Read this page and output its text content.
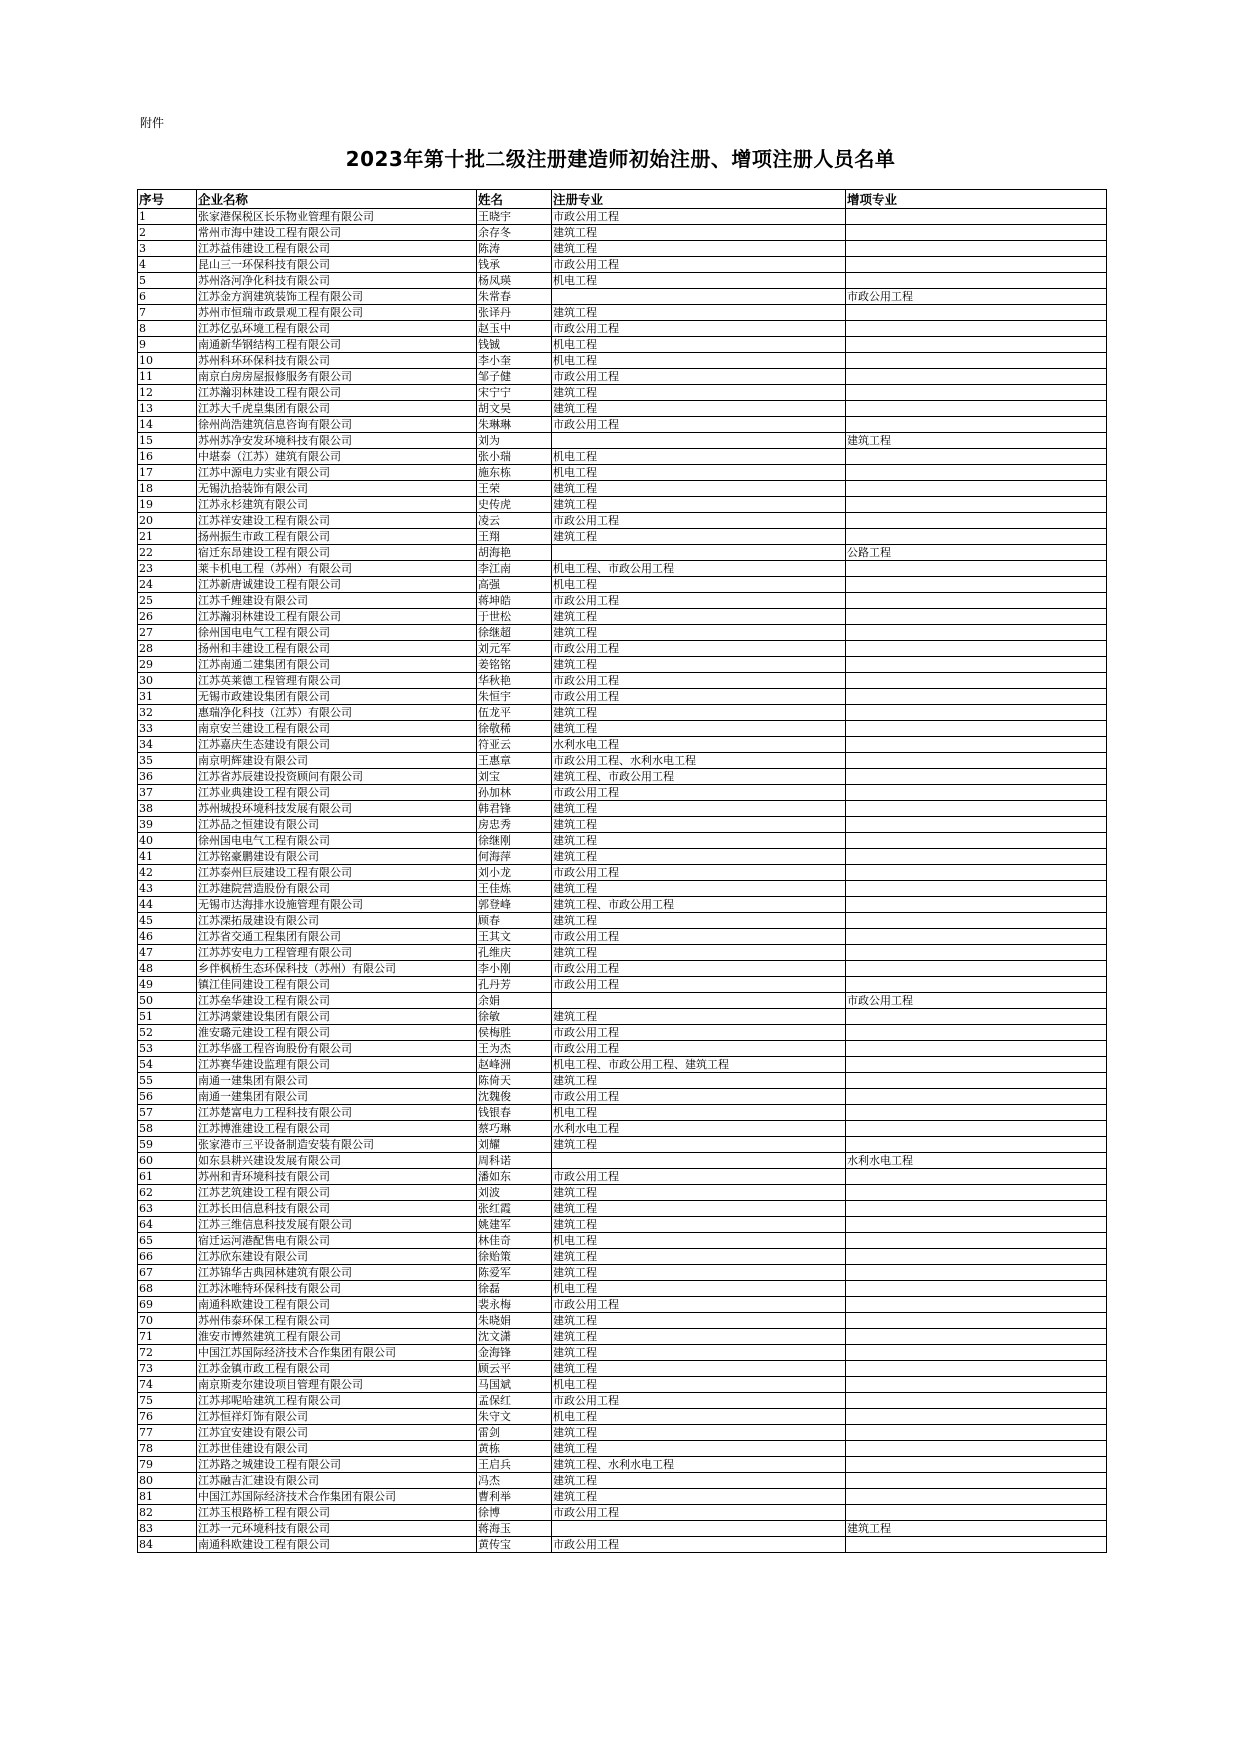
附件
2023年第十批二级注册建造师初始注册、增项注册人员名单
序号	企业名称	姓名	注册专业	增项专业
1	张家港保税区长乐物业管理有限公司	王晓宇	市政公用工程	
2	常州市海中建设工程有限公司	余存冬	建筑工程	
3	江苏益伟建设工程有限公司	陈涛	建筑工程	
4	昆山三一环保科技有限公司	钱承	市政公用工程	
5	苏州洛河净化科技有限公司	杨凤瑛	机电工程	
6	江苏金方润建筑装饰工程有限公司	朱常春		市政公用工程
7	苏州市恒瑞市政景观工程有限公司	张译丹	建筑工程	
8	江苏亿弘环境工程有限公司	赵玉中	市政公用工程	
9	南通新华钢结构工程有限公司	钱铖	机电工程	
10	苏州科环环保科技有限公司	李小奎	机电工程	
11	南京白房房屋报修服务有限公司	邹子健	市政公用工程	
12	江苏瀚羽林建设工程有限公司	宋宁宁	建筑工程	
13	江苏大千虎皇集团有限公司	胡文昊	建筑工程	
14	徐州尚浩建筑信息咨询有限公司	朱琳琳	市政公用工程	
15	苏州苏净安发环境科技有限公司	刘为		建筑工程
16	中堪泰（江苏）建筑有限公司	张小瑞	机电工程	
17	江苏中源电力实业有限公司	施东栋	机电工程	
18	无锡氿拾装饰有限公司	王荣	建筑工程	
19	江苏永杉建筑有限公司	史传虎	建筑工程	
20	江苏祥安建设工程有限公司	凌云	市政公用工程	
21	扬州振生市政工程有限公司	王翔	建筑工程	
22	宿迁东昂建设工程有限公司	胡海艳		公路工程
23	莱卡机电工程（苏州）有限公司	李江南	机电工程、市政公用工程	
24	江苏新唐诚建设工程有限公司	高强	机电工程	
25	江苏千鲤建设有限公司	蒋坤皓	市政公用工程	
26	江苏瀚羽林建设工程有限公司	于世松	建筑工程	
27	徐州国电电气工程有限公司	徐继超	建筑工程	
28	扬州和丰建设工程有限公司	刘元军	市政公用工程	
29	江苏南通二建集团有限公司	姜铭铭	建筑工程	
30	江苏英莱德工程管理有限公司	华秋艳	市政公用工程	
31	无锡市政建设集团有限公司	朱恒宇	市政公用工程	
32	惠瑞净化科技（江苏）有限公司	伍龙平	建筑工程	
33	南京安兰建设工程有限公司	徐敬稀	建筑工程	
34	江苏嘉庆生态建设有限公司	符亚云	水利水电工程	
35	南京明辉建设有限公司	王惠章	市政公用工程、水利水电工程	
36	江苏省苏辰建设投资顾问有限公司	刘宝	建筑工程、市政公用工程	
37	江苏业典建设工程有限公司	孙加林	市政公用工程	
38	苏州城投环境科技发展有限公司	韩君锋	建筑工程	
39	江苏品之恒建设有限公司	房忠秀	建筑工程	
40	徐州国电电气工程有限公司	徐继刚	建筑工程	
41	江苏铭豪鹏建设有限公司	何海萍	建筑工程	
42	江苏泰州巨辰建设工程有限公司	刘小龙	市政公用工程	
43	江苏建院营造股份有限公司	王佳炼	建筑工程	
44	无锡市达海排水设施管理有限公司	郭登峰	建筑工程、市政公用工程	
45	江苏溧拓晟建设有限公司	顾春	建筑工程	
46	江苏省交通工程集团有限公司	王其文	市政公用工程	
47	江苏苏安电力工程管理有限公司	孔维庆	建筑工程	
48	乡伴枫桥生态环保科技（苏州）有限公司	李小刚	市政公用工程	
49	镇江佳同建设工程有限公司	孔丹芳	市政公用工程	
50	江苏垒华建设工程有限公司	余娟		市政公用工程
51	江苏鸿蒙建设集团有限公司	徐敏	建筑工程	
52	淮安璐元建设工程有限公司	侯梅胜	市政公用工程	
53	江苏华盛工程咨询股份有限公司	王为杰	市政公用工程	
54	江苏赛华建设监理有限公司	赵峰洲	机电工程、市政公用工程、建筑工程	
55	南通一建集团有限公司	陈倚天	建筑工程	
56	南通一建集团有限公司	沈魏俊	市政公用工程	
57	江苏楚富电力工程科技有限公司	钱银春	机电工程	
58	江苏博淮建设工程有限公司	蔡巧琳	水利水电工程	
59	张家港市三平设备制造安装有限公司	刘耀	建筑工程	
60	如东县耕兴建设发展有限公司	周科诺		水利水电工程
61	苏州和青环境科技有限公司	潘如东	市政公用工程	
62	江苏艺筑建设工程有限公司	刘波	建筑工程	
63	江苏长田信息科技有限公司	张红霞	建筑工程	
64	江苏三维信息科技发展有限公司	姚建军	建筑工程	
65	宿迁运河港配售电有限公司	林佳奇	机电工程	
66	江苏欣东建设有限公司	徐贻策	建筑工程	
67	江苏锦华古典园林建筑有限公司	陈爱军	建筑工程	
68	江苏沐唯特环保科技有限公司	徐磊	机电工程	
69	南通科欧建设工程有限公司	裴永梅	市政公用工程	
70	苏州伟泰环保工程有限公司	朱晓娟	建筑工程	
71	淮安市博然建筑工程有限公司	沈文潇	建筑工程	
72	中国江苏国际经济技术合作集团有限公司	金海锋	建筑工程	
73	江苏金镇市政工程有限公司	顾云平	建筑工程	
74	南京斯麦尔建设项目管理有限公司	马国斌	机电工程	
75	江苏邦呢哈建筑工程有限公司	孟保红	市政公用工程	
76	江苏恒祥灯饰有限公司	朱守文	机电工程	
77	江苏宜安建设有限公司	雷剑	建筑工程	
78	江苏世佳建设有限公司	黄栋	建筑工程	
79	江苏路之城建设工程有限公司	王启兵	建筑工程、水利水电工程	
80	江苏融吉汇建设有限公司	冯杰	建筑工程	
81	中国江苏国际经济技术合作集团有限公司	曹利举	建筑工程	
82	江苏玉根路桥工程有限公司	徐博	市政公用工程	
83	江苏一元环境科技有限公司	蒋海玉		建筑工程
84	南通科欧建设工程有限公司	黄传宝	市政公用工程	
